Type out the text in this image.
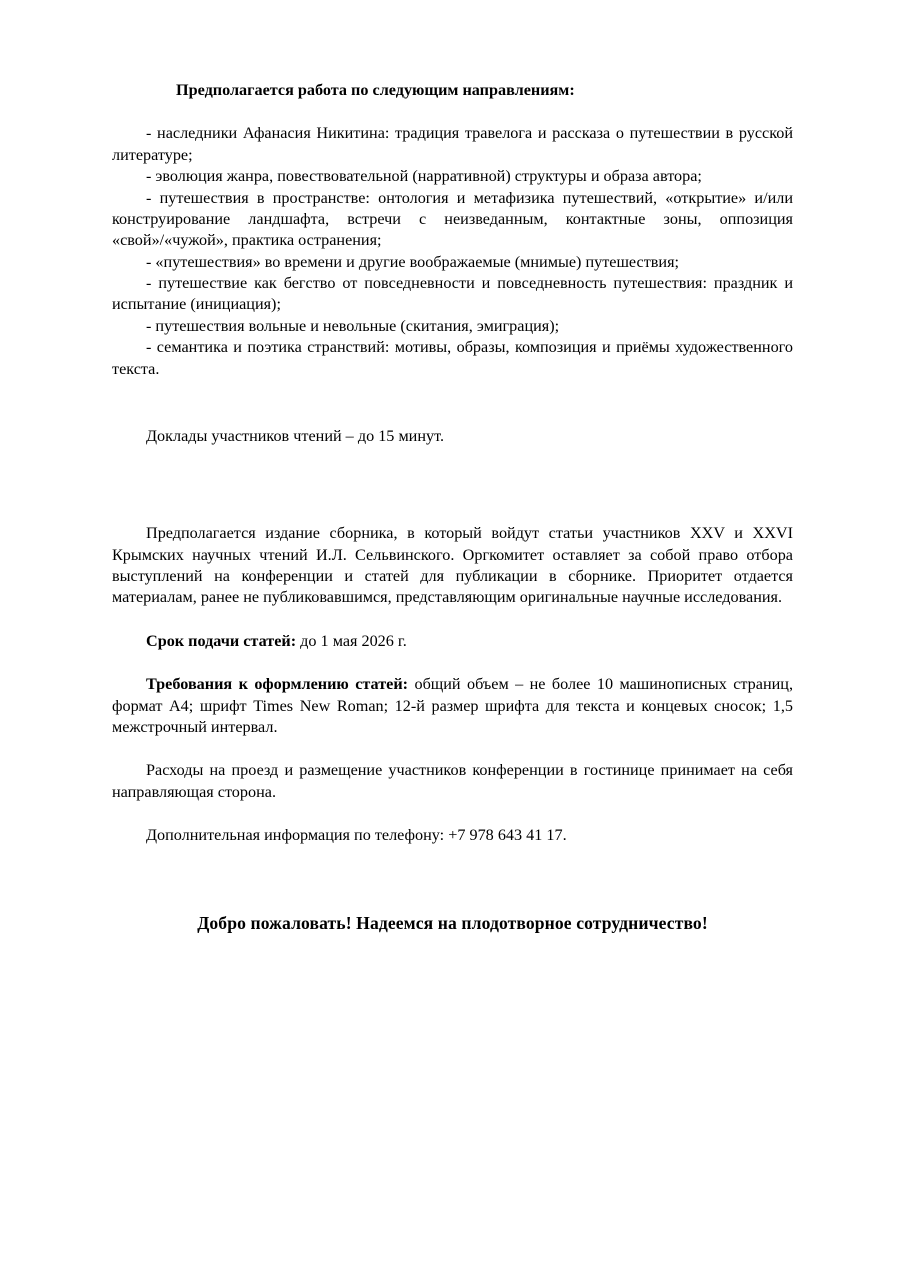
Предполагается работа по следующим направлениям:

- наследники Афанасия Никитина: традиция травелога и рассказа о путешествии в русской литературе;

- эволюция жанра, повествовательной (нарративной) структуры и образа автора;

- путешествия в пространстве: онтология и метафизика путешествий, «открытие» и/или конструирование ландшафта, встречи с неизведанным, контактные зоны, оппозиция «свой»/«чужой», практика остранения;

- «путешествия» во времени и другие воображаемые (мнимые) путешествия;

- путешествие как бегство от повседневности и повседневность путешествия: праздник и испытание (инициация);

- путешествия вольные и невольные (скитания, эмиграция);

- семантика и поэтика странствий: мотивы, образы, композиция и приёмы художественного текста.

Доклады участников чтений – до 15 минут.

Предполагается издание сборника, в который войдут статьи участников XXV и XXVI Крымских научных чтений И.Л. Сельвинского. Оргкомитет оставляет за собой право отбора выступлений на конференции и статей для публикации в сборнике. Приоритет отдается материалам, ранее не публиковавшимся, представляющим оригинальные научные исследования.

Срок подачи статей: до 1 мая 2026 г.

Требования к оформлению статей: общий объем – не более 10 машинописных страниц, формат А4; шрифт Times New Roman; 12-й размер шрифта для текста и концевых сносок; 1,5 межстрочный интервал.

Расходы на проезд и размещение участников конференции в гостинице принимает на себя направляющая сторона.

Дополнительная информация по телефону: +7 978 643 41 17.

Добро пожаловать! Надеемся на плодотворное сотрудничество!
